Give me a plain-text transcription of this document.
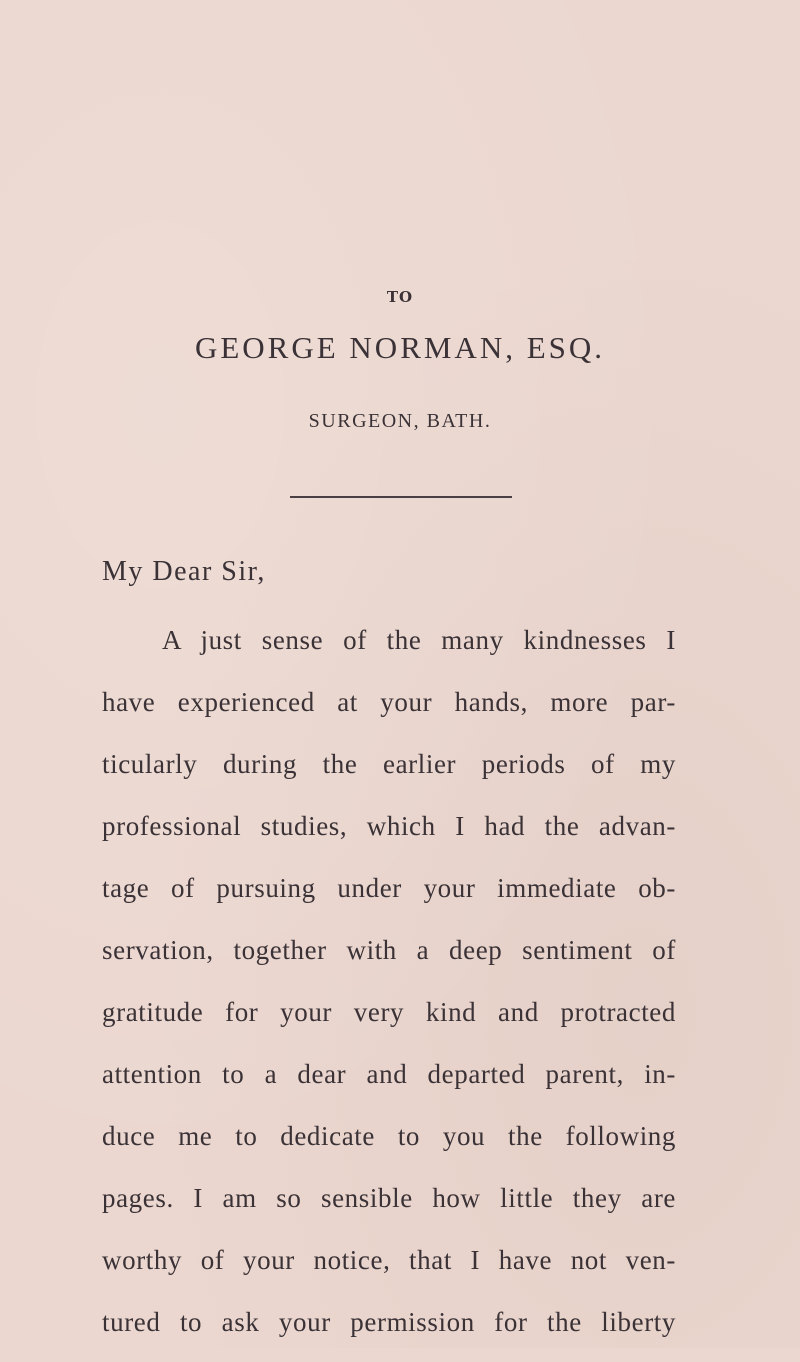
TO
GEORGE NORMAN, ESQ.
SURGEON, BATH.
My Dear Sir,
A just sense of the many kindnesses I
have experienced at your hands, more par-
ticularly during the earlier periods of my
professional studies, which I had the advan-
tage of pursuing under your immediate ob-
servation, together with a deep sentiment of
gratitude for your very kind and protracted
attention to a dear and departed parent, in-
duce me to dedicate to you the following
pages. I am so sensible how little they are
worthy of your notice, that I have not ven-
tured to ask your permission for the liberty
